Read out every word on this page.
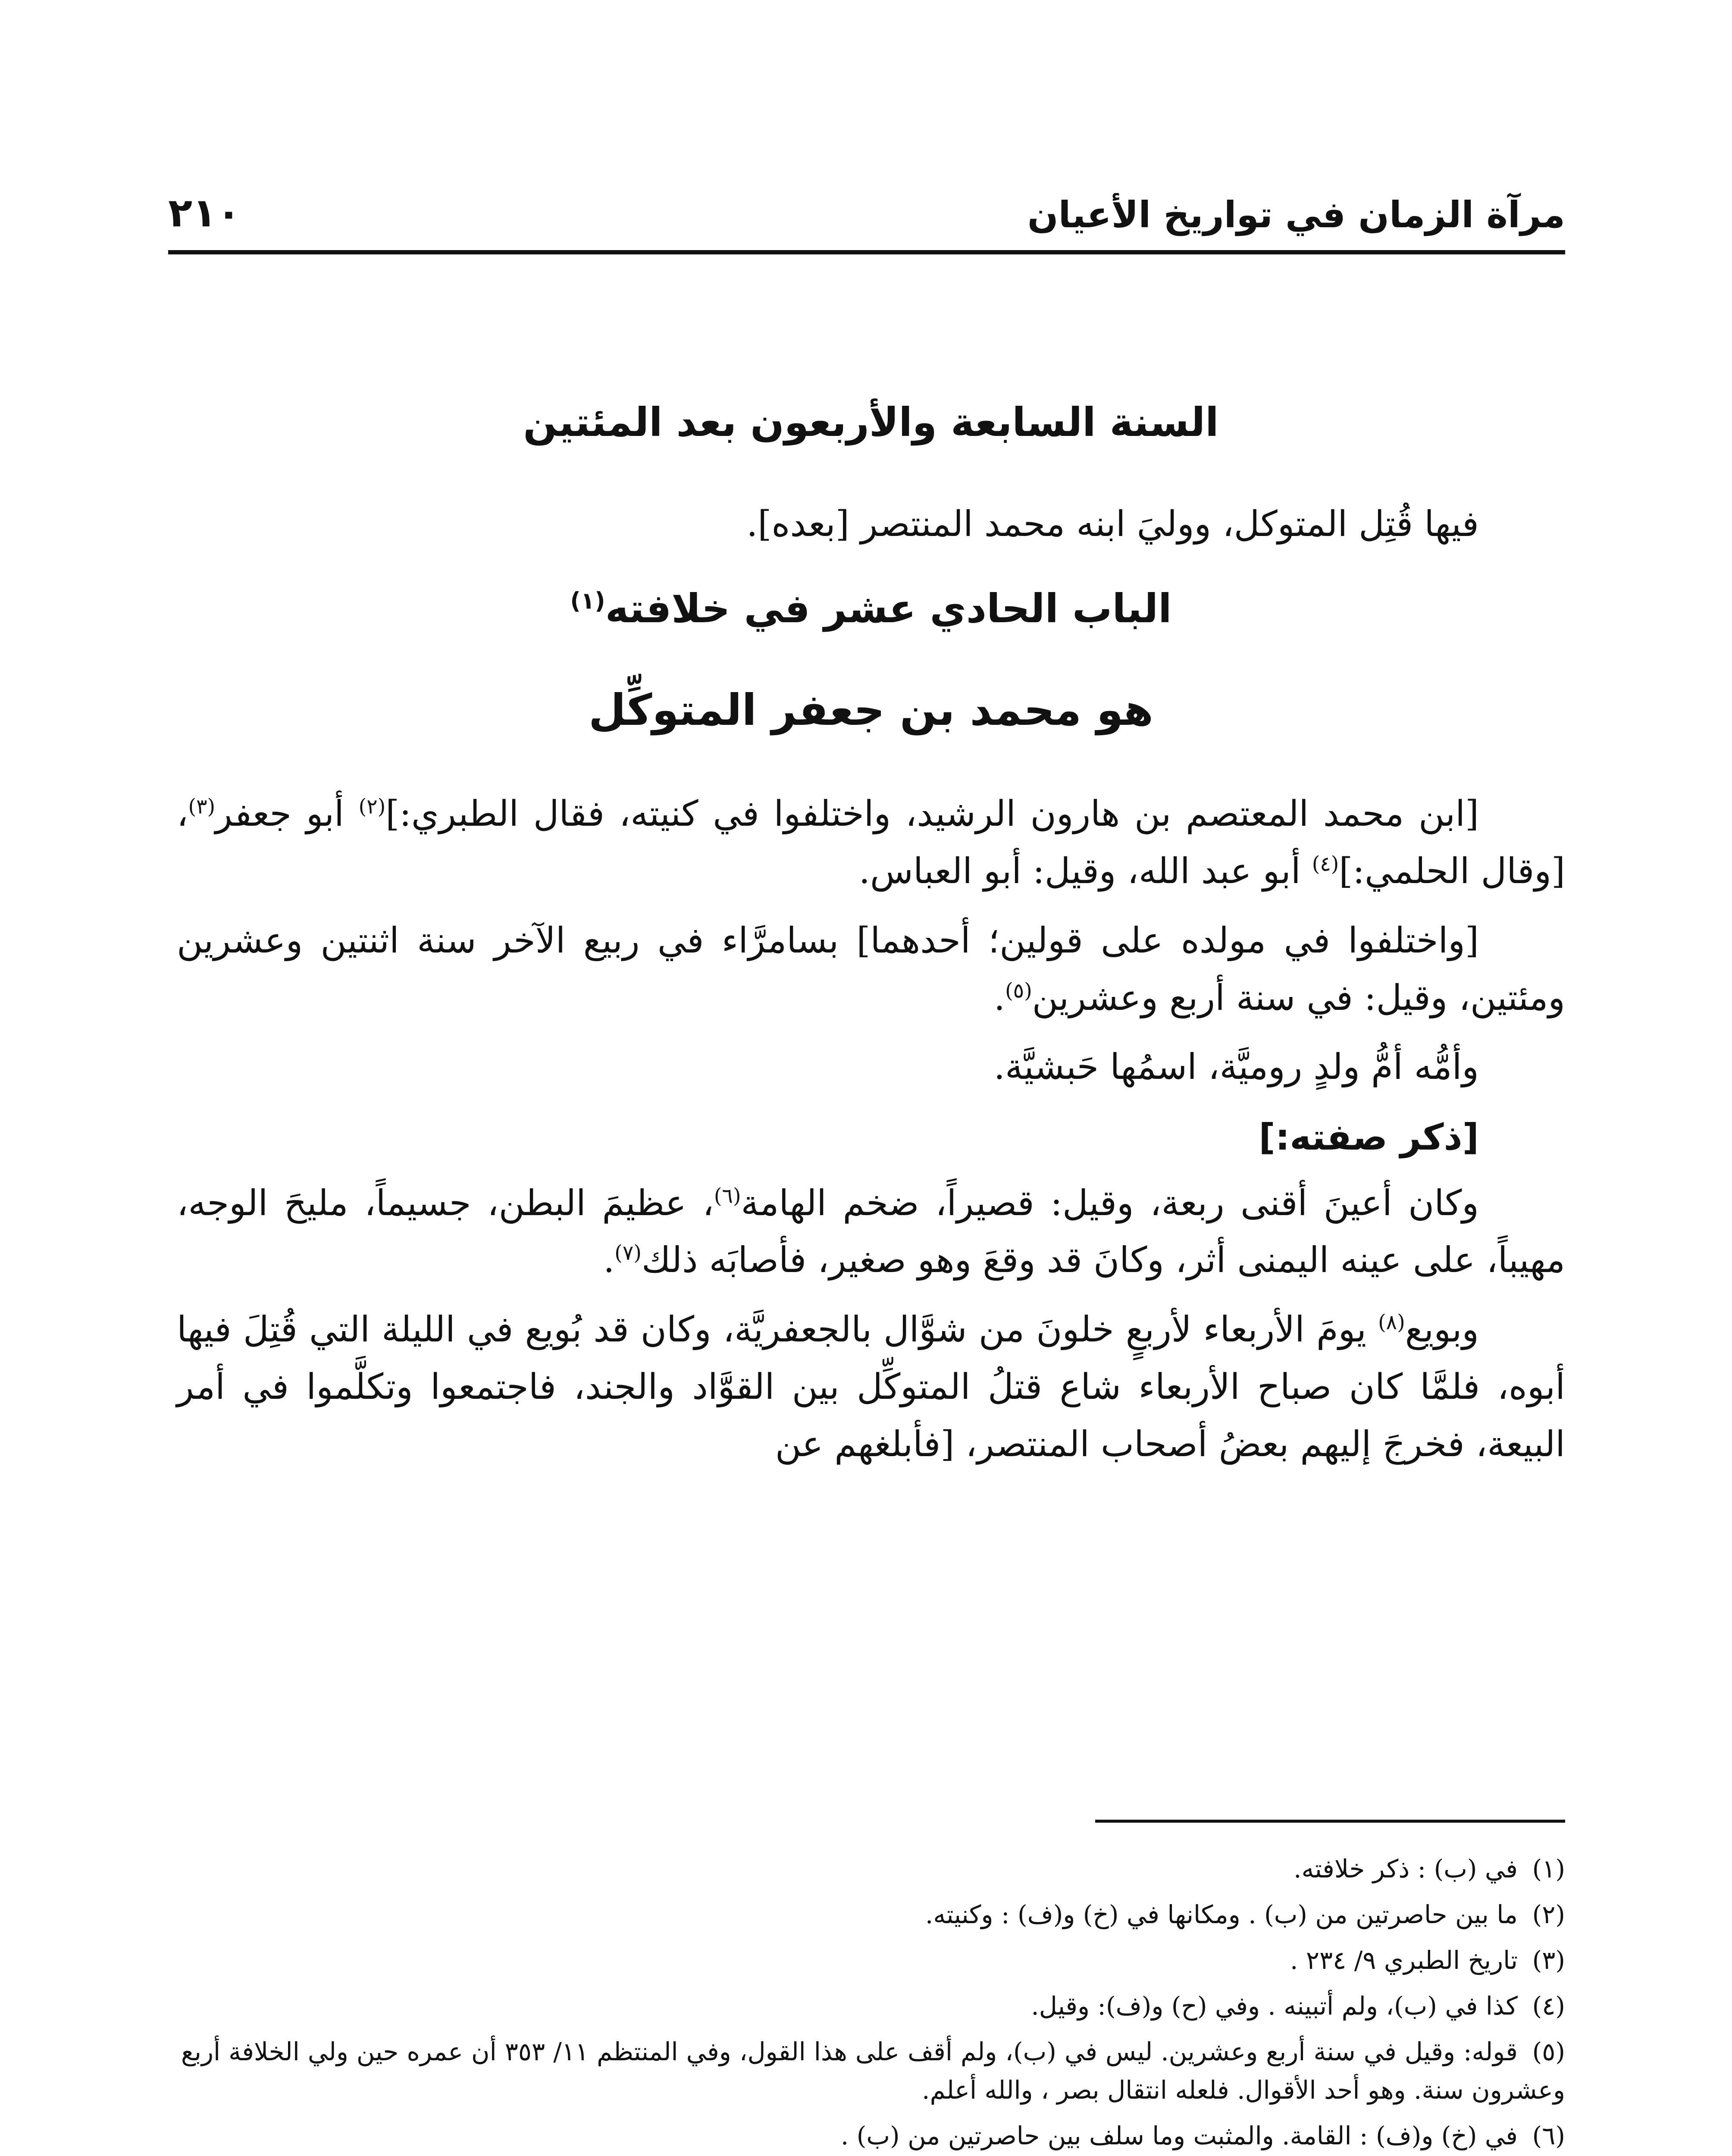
مرآة الزمان في تواريخ الأعيان
٢١٠
السنة السابعة والأربعون بعد المئتين

فيها قُتِل المتوكل، ووليَ ابنه محمد المنتصر [بعده].

الباب الحادي عشر في خلافته$^{(١)}$
هو محمد بن جعفر المتوكِّل

[ابن محمد المعتصم بن هارون الرشيد، واختلفوا في كنيته، فقال الطبري:]$^{(٢)}$ أبو جعفر$^{(٣)}$، [وقال الحلمي:]$^{(٤)}$ أبو عبد الله، وقيل: أبو العباس.

[واختلفوا في مولده على قولين؛ أحدهما] بسامرَّاء في ربيع الآخر سنة اثنتين وعشرين ومئتين، وقيل: في سنة أربع وعشرين$^{(٥)}$.

وأمُّه أمُّ ولدٍ روميَّة، اسمُها حَبشيَّة.

[ذكر صفته:]

وكان أعينَ أقنى ربعة، وقيل: قصيراً، ضخم الهامة$^{(٦)}$، عظيمَ البطن، جسيماً، مليحَ الوجه، مهيباً، على عينه اليمنى أثر، وكانَ قد وقعَ وهو صغير، فأصابَه ذلك$^{(٧)}$.

وبويع$^{(٨)}$ يومَ الأربعاء لأربعٍ خلونَ من شوَّال بالجعفريَّة، وكان قد بُويع في الليلة التي قُتِلَ فيها أبوه، فلمَّا كان صباح الأربعاء شاع قتلُ المتوكِّل بين القوَّاد والجند، فاجتمعوا وتكلَّموا في أمر البيعة، فخرجَ إليهم بعضُ أصحاب المنتصر، [فأبلغهم عن

(١)في (ب) : ذكر خلافته.

(٢)ما بين حاصرتين من (ب) . ومكانها في (خ) و(ف) : وكنيته.

(٣)تاريخ الطبري ٩/ ٢٣٤ .

(٤)كذا في (ب)، ولم أتبينه . وفي (ح) و(ف): وقيل.

(٥)قوله: وقيل في سنة أربع وعشرين. ليس في (ب)، ولم أقف على هذا القول، وفي المنتظم ١١/ ٣٥٣ أن عمره حين ولي الخلافة أربع وعشرون سنة. وهو أحد الأقوال. فلعله انتقال بصر ، والله أعلم.

(٦)في (خ) و(ف) : القامة. والمثبت وما سلف بين حاصرتين من (ب) .
